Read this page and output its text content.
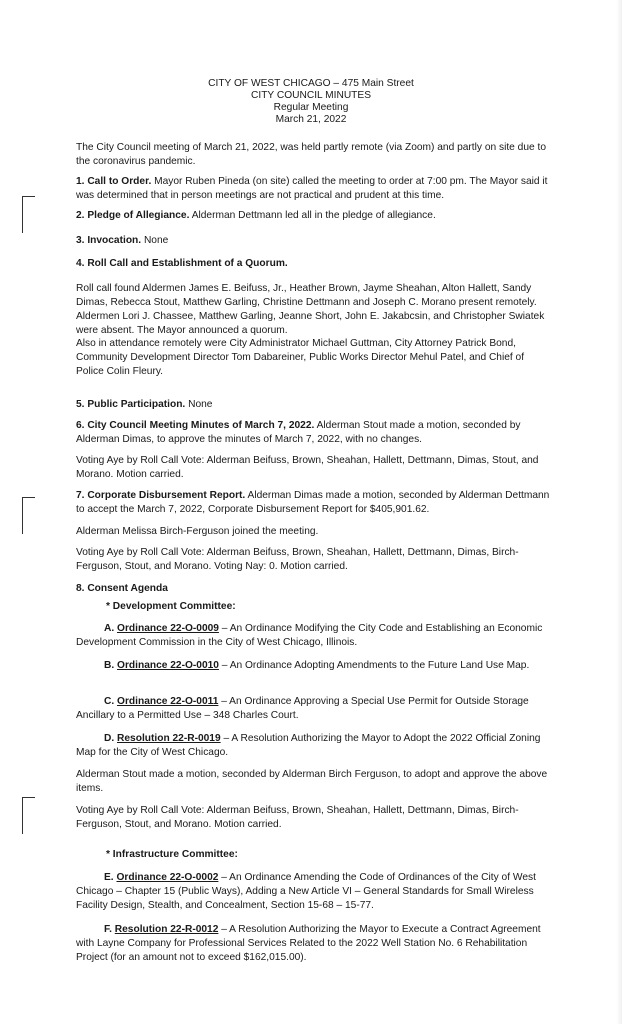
CITY OF WEST CHICAGO – 475 Main Street
CITY COUNCIL MINUTES
Regular Meeting
March 21, 2022
The City Council meeting of March 21, 2022, was held partly remote (via Zoom) and partly on site due to the coronavirus pandemic.
1. Call to Order. Mayor Ruben Pineda (on site) called the meeting to order at 7:00 pm. The Mayor said it was determined that in person meetings are not practical and prudent at this time.
2. Pledge of Allegiance. Alderman Dettmann led all in the pledge of allegiance.
3. Invocation. None
4. Roll Call and Establishment of a Quorum.
Roll call found Aldermen James E. Beifuss, Jr., Heather Brown, Jayme Sheahan, Alton Hallett, Sandy Dimas, Rebecca Stout, Matthew Garling, Christine Dettmann and Joseph C. Morano present remotely. Aldermen Lori J. Chassee, Matthew Garling, Jeanne Short, John E. Jakabcsin, and Christopher Swiatek were absent. The Mayor announced a quorum.
Also in attendance remotely were City Administrator Michael Guttman, City Attorney Patrick Bond, Community Development Director Tom Dabareiner, Public Works Director Mehul Patel, and Chief of Police Colin Fleury.
5. Public Participation. None
6. City Council Meeting Minutes of March 7, 2022. Alderman Stout made a motion, seconded by Alderman Dimas, to approve the minutes of March 7, 2022, with no changes.
Voting Aye by Roll Call Vote: Alderman Beifuss, Brown, Sheahan, Hallett, Dettmann, Dimas, Stout, and Morano. Motion carried.
7. Corporate Disbursement Report. Alderman Dimas made a motion, seconded by Alderman Dettmann to accept the March 7, 2022, Corporate Disbursement Report for $405,901.62.
Alderman Melissa Birch-Ferguson joined the meeting.
Voting Aye by Roll Call Vote: Alderman Beifuss, Brown, Sheahan, Hallett, Dettmann, Dimas, Birch-Ferguson, Stout, and Morano. Voting Nay: 0. Motion carried.
8. Consent Agenda
* Development Committee:
A. Ordinance 22-O-0009 – An Ordinance Modifying the City Code and Establishing an Economic Development Commission in the City of West Chicago, Illinois.
B. Ordinance 22-O-0010 – An Ordinance Adopting Amendments to the Future Land Use Map.
C. Ordinance 22-O-0011 – An Ordinance Approving a Special Use Permit for Outside Storage Ancillary to a Permitted Use – 348 Charles Court.
D. Resolution 22-R-0019 – A Resolution Authorizing the Mayor to Adopt the 2022 Official Zoning Map for the City of West Chicago.
Alderman Stout made a motion, seconded by Alderman Birch Ferguson, to adopt and approve the above items.
Voting Aye by Roll Call Vote: Alderman Beifuss, Brown, Sheahan, Hallett, Dettmann, Dimas, Birch-Ferguson, Stout, and Morano. Motion carried.
* Infrastructure Committee:
E. Ordinance 22-O-0002 – An Ordinance Amending the Code of Ordinances of the City of West Chicago – Chapter 15 (Public Ways), Adding a New Article VI – General Standards for Small Wireless Facility Design, Stealth, and Concealment, Section 15-68 – 15-77.
F. Resolution 22-R-0012 – A Resolution Authorizing the Mayor to Execute a Contract Agreement with Layne Company for Professional Services Related to the 2022 Well Station No. 6 Rehabilitation Project (for an amount not to exceed $162,015.00).
